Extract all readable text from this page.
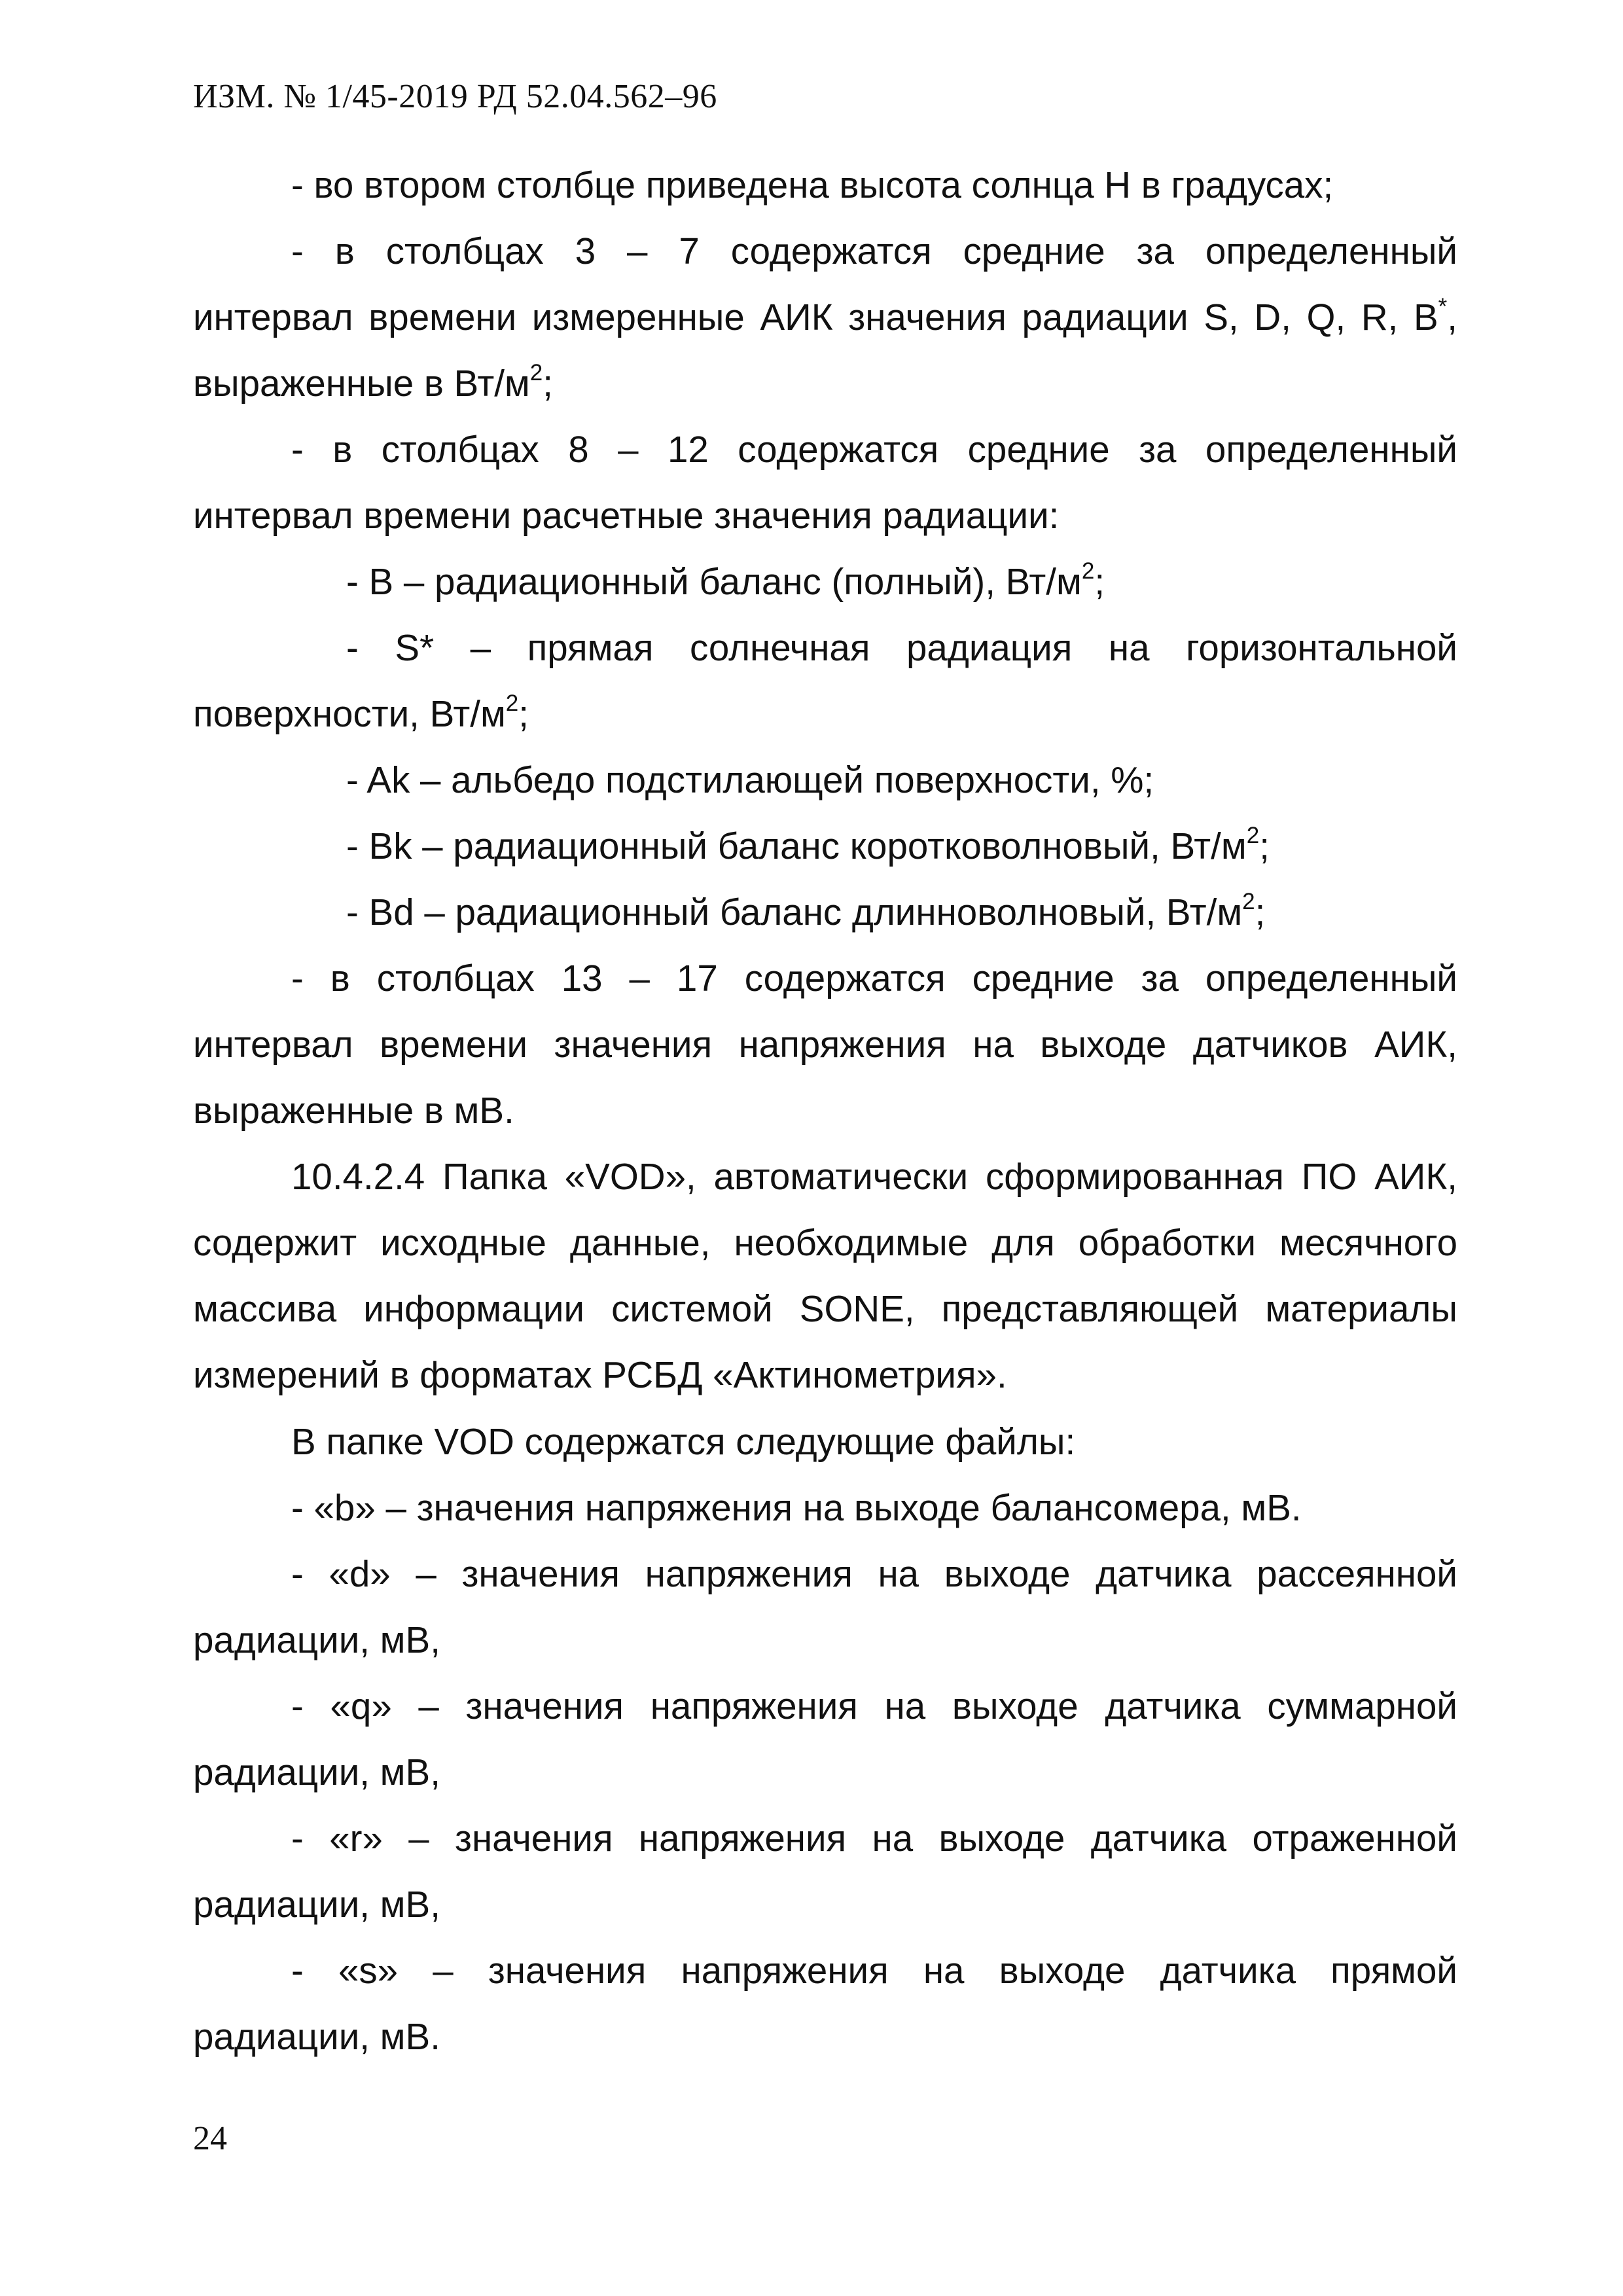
ИЗМ. № 1/45-2019 РД 52.04.562–96

- во втором столбце приведена высота солнца Н в градусах;

- в столбцах 3 – 7 содержатся средние за определенный

интервал времени измеренные АИК значения радиации S, D, Q, R, В*,

выраженные в $Вт/м^2$;

- в столбцах 8 – 12 содержатся средние за определенный

интервал времени расчетные значения радиации:

- B – радиационный баланс (полный), $Вт/м^2$;

- S* – прямая солнечная радиация на горизонтальной

поверхности, $Вт/м^2$;

- Ak – альбедо подстилающей поверхности, %;

- Bk – радиационный баланс коротковолновый, $Вт/м^2$;

- Bd – радиационный баланс длинноволновый, $Вт/м^2$;

- в столбцах 13 – 17 содержатся средние за определенный

интервал времени значения напряжения на выходе датчиков АИК,

выраженные в мВ.

10.4.2.4 Папка «VOD», автоматически сформированная ПО АИК, содержит исходные данные, необходимые для обработки месячного массива информации системой SONE, представляющей материалы измерений в форматах РСБД «Актинометрия».

В папке VOD содержатся следующие файлы:

- «b» – значения напряжения на выходе балансомера, мВ.

- «d» – значения напряжения на выходе датчика рассеянной

радиации, мВ,

- «q» – значения напряжения на выходе датчика суммарной

радиации, мВ,

- «r» – значения напряжения на выходе датчика отраженной

радиации, мВ,

- «s» – значения напряжения на выходе датчика прямой

радиации, мВ.

24
